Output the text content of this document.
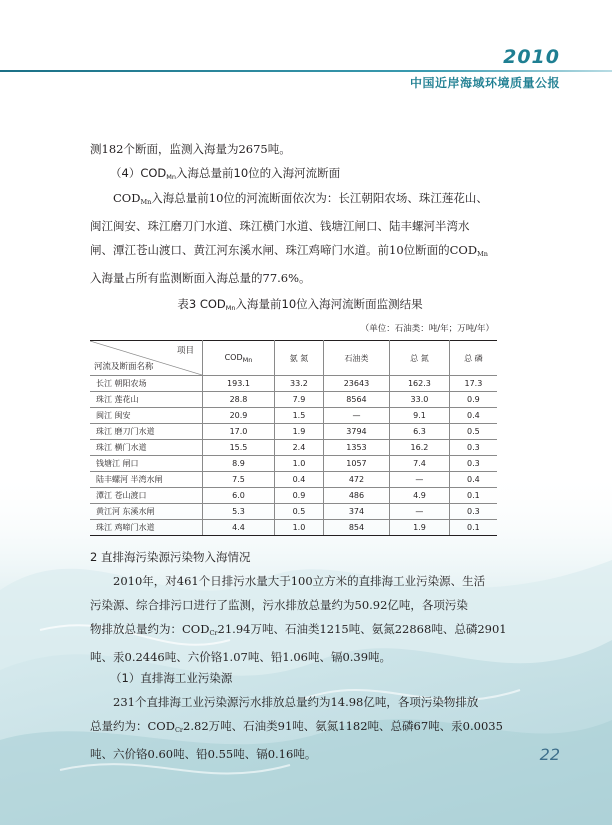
2010
中国近岸海域环境质量公报
测182个断面，监测入海量为2675吨。
$(4)COD_{Mn}$入海总量前10位的入海河流断面
$COD_{Mn}$入海总量前10位的河流断面依次为：长江朝阳农场、珠江莲花山、
闽江闽安、珠江磨刀门水道、珠江横门水道、钱塘江闸口、陆丰螺河半湾水
闸、潭江苍山渡口、黄江河东溪水闸、珠江鸡啼门水道。前10位断面的$COD_{Mn}$
入海量占所有监测断面入海总量的77.6%。
表3 $COD_{Mn}$入海量前10位入海河流断面监测结果
（单位：石油类：吨/年；万吨/年）
项目
河流及断面名称	$COD_{Mn}$	氨 氮	石油类	总 氮	总 磷
长江 朝阳农场	193.1	33.2	23643	162.3	17.3
珠江 莲花山	28.8	7.9	8564	33.0	0.9
闽江 闽安	20.9	1.5	—	9.1	0.4
珠江 磨刀门水道	17.0	1.9	3794	6.3	0.5
珠江 横门水道	15.5	2.4	1353	16.2	0.3
钱塘江 闸口	8.9	1.0	1057	7.4	0.3
陆丰螺河 半湾水闸	7.5	0.4	472	—	0.4
潭江 苍山渡口	6.0	0.9	486	4.9	0.1
黄江河 东溪水闸	5.3	0.5	374	—	0.3
珠江 鸡啼门水道	4.4	1.0	854	1.9	0.1
2 直排海污染源污染物入海情况
2010年，对461个日排污水量大于100立方米的直排海工业污染源、生活
污染源、综合排污口进行了监测，污水排放总量约为50.92亿吨，各项污染
物排放总量约为：$COD_{Cr}21.94$万吨、石油类1215吨、氨氮22868吨、总磷2901
吨、汞0.2446吨、六价铬1.07吨、铅1.06吨、镉0.39吨。
（1）直排海工业污染源
231个直排海工业污染源污水排放总量约为14.98亿吨，各项污染物排放
总量约为：$COD_{Cr}2.82$万吨、石油类91吨、氨氮1182吨、总磷67吨、汞0.0035
吨、六价铬0.60吨、铅0.55吨、镉0.16吨。	22
